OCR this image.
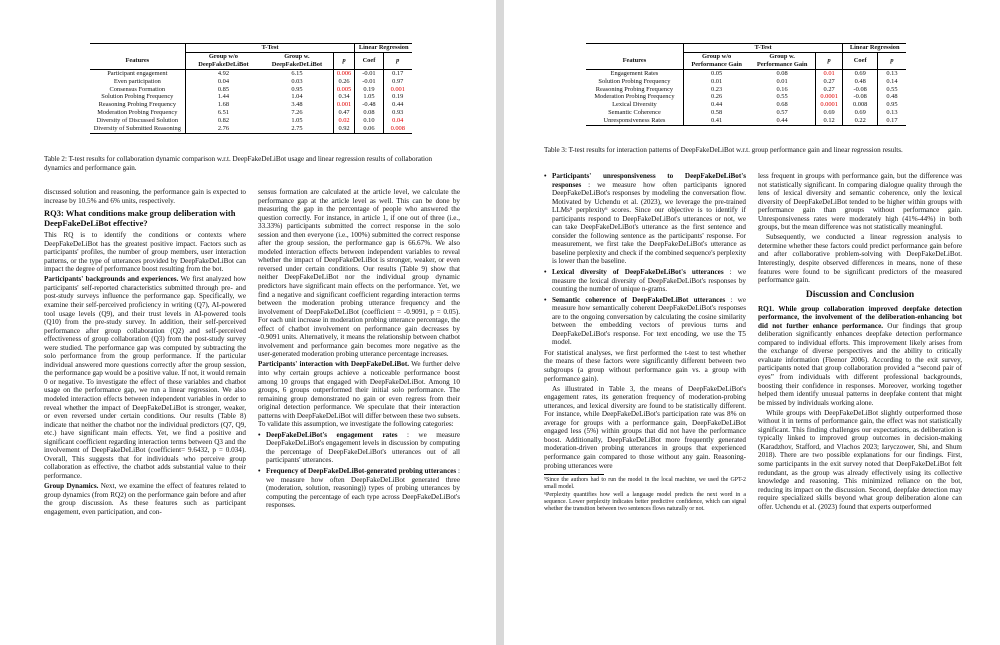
	T-Test			Linear Regression	
Features	Group w/o DeepFakeDeLiBot	Group w. DeepFakeDeLiBot	p	Coef	p
Participant engagement	4.92	6.15	0.006	-0.01	0.17
Even participation	0.04	0.03	0.26	-0.01	0.97
Consensus Formation	0.85	0.95	0.005	0.19	0.001
Solution Probing Frequency	1.44	1.04	0.34	1.05	0.19
Reasoning Probing Frequency	1.68	3.48	0.001	-0.48	0.44
Moderation Probing Frequency	6.51	7.26	0.47	0.08	0.93
Diversity of Discussed Solution	0.82	1.05	0.02	0.10	0.04
Diversity of Submitted Reasoning	2.76	2.75	0.92	0.06	0.008
Table 2: T-test results for collaboration dynamic comparison w.r.t. DeepFakeDeLiBot usage and linear regression results of collaboration dynamics and performance gain.

discussed solution and reasoning, the performance gain is expected to increase by 10.5% and 6% units, respectively.

RQ3: What conditions make group deliberation with DeepFakeDeLiBot effective?

This RQ is to identify the conditions or contexts where DeepFakeDeLiBot has the greatest positive impact. Factors such as participants' profiles, the number of group members, user interaction patterns, or the type of utterances provided by DeepFakeDeLiBot can impact the degree of performance boost resulting from the bot.

Participants' backgrounds and experiences. We first analyzed how participants' self-reported characteristics submitted through pre- and post-study surveys influence the performance gap. Specifically, we examine their self-perceived proficiency in writing (Q7), AI-powered tool usage levels (Q9), and their trust levels in AI-powered tools (Q10) from the pre-study survey. In addition, their self-perceived performance after group collaboration (Q2) and self-perceived effectiveness of group collaboration (Q3) from the post-study survey were studied. The performance gap was computed by subtracting the solo performance from the group performance. If the particular individual answered more questions correctly after the group session, the performance gap would be a positive value. If not, it would remain 0 or negative. To investigate the effect of these variables and chatbot usage on the performance gap, we run a linear regression. We also modeled interaction effects between independent variables in order to reveal whether the impact of DeepFakeDeLiBot is stronger, weaker, or even reversed under certain conditions. Our results (Table 8) indicate that neither the chatbot nor the individual predictors (Q7, Q9, etc.) have significant main effects. Yet, we find a positive and significant coefficient regarding interaction terms between Q3 and the involvement of DeepFakeDeLiBot (coefficient= 9.6432, p = 0.034). Overall, This suggests that for individuals who perceive group collaboration as effective, the chatbot adds substantial value to their performance.

Group Dynamics. Next, we examine the effect of features related to group dynamics (from RQ2) on the performance gain before and after the group discussion. As these features such as participant engagement, even participation, and con-

sensus formation are calculated at the article level, we calculate the performance gap at the article level as well. This can be done by measuring the gap in the percentage of people who answered the question correctly. For instance, in article 1, if one out of three (i.e., 33.33%) participants submitted the correct response in the solo session and then everyone (i.e., 100%) submitted the correct response after the group session, the performance gap is 66.67%. We also modeled interaction effects between independent variables to reveal whether the impact of DeepFakeDeLiBot is stronger, weaker, or even reversed under certain conditions. Our results (Table 9) show that neither DeepFakeDeLiBot nor the individual group dynamic predictors have significant main effects on the performance. Yet, we find a negative and significant coefficient regarding interaction terms between the moderation probing utterance frequency and the involvement of DeepFakeDeLiBot (coefficient = -0.9091, p = 0.05). For each unit increase in moderation probing utterance percentage, the effect of chatbot involvement on performance gain decreases by -0.9091 units. Alternatively, it means the relationship between chatbot involvement and performance gain becomes more negative as the user-generated moderation probing utterance percentage increases.

Participants' interaction with DeepFakeDeLiBot. We further delve into why certain groups achieve a noticeable performance boost among 10 groups that engaged with DeepFakeDeLiBot. Among 10 groups, 6 groups outperformed their initial solo performance. The remaining group demonstrated no gain or even regress from their original detection performance. We speculate that their interaction patterns with DeepFakeDeLiBot will differ between these two subsets. To validate this assumption, we investigate the following categories:

• DeepFakeDeLiBot's engagement rates : we measure DeepFakeDeLiBot's engagement levels in discussion by computing the percentage of DeepFakeDeLiBot's utterances out of all participants' utterances.
• Frequency of DeepFakeDeLiBot-generated probing utterances : we measure how often DeepFakeDeLiBot generated three (moderation, solution, reasoning)) types of probing utterances by computing the percentage of each type across DeepFakeDeLiBot's responses.
	T-Test			Linear Regression	
Features	Group w/o Performance Gain	Group w. Performance Gain	p	Coef	p
Engagement Rates	0.05	0.08	0.01	0.69	0.13
Solution Probing Frequency	0.01	0.01	0.27	0.48	0.14
Reasoning Probing Frequency	0.23	0.16	0.27	-0.08	0.55
Moderation Probing Frequency	0.26	0.55	0.0001	-0.08	0.48
Lexical Diversity	0.44	0.68	0.0001	0.008	0.95
Semantic Coherence	0.58	0.57	0.69	0.69	0.13
Unresponsiveness Rates	0.41	0.44	0.12	0.22	0.17
Table 3: T-test results for interaction patterns of DeepFakeDeLiBot w.r.t. group performance gain and linear regression results.
• Participants' unresponsiveness to DeepFakeDeLiBot's responses : we measure how often participants ignored DeepFakeDeLiBot's responses by modeling the conversation flow. Motivated by Uchendu et al. (2023), we leverage the pre-trained LLMs⁵ perplexity⁶ scores. Since our objective is to identify if participants respond to DeepFakeDeLiBot's utterances or not, we can take DeepFakeDeLiBot's utterance as the first sentence and consider the following sentence as the participants' response. For measurement, we first take the DeepFakeDeLiBot's utterance as baseline perplexity and check if the combined sequence's perplexity is lower than the baseline.
• Lexical diversity of DeepFakeDeLiBot's utterances : we measure the lexical diversity of DeepFakeDeLiBot's responses by counting the number of unique n-grams.
• Semantic coherence of DeepFakeDeLiBot utterances : we measure how semantically coherent DeepFakeDeLiBot's responses are to the ongoing conversation by calculating the cosine similarity between the embedding vectors of previous turns and DeepFakeDeLiBot's response. For text encoding, we use the T5 model.

For statistical analyses, we first performed the t-test to test whether the means of these factors were significantly different between two subgroups (a group without performance gain vs. a group with performance gain).

As illustrated in Table 3, the means of DeepFakeDeLiBot's engagement rates, its generation frequency of moderation-probing utterances, and lexical diversity are found to be statistically different. For instance, while DeepFakeDeLiBot's participation rate was 8% on average for groups with a performance gain, DeepFakeDeLiBot engaged less (5%) within groups that did not have the performance boost. Additionally, DeepFakeDeLiBot more frequently generated moderation-driven probing utterances in groups that experienced performance gain compared to those without any gain. Reasoning-probing utterances were

⁵Since the authors had to run the model in the local machine, we used the GPT-2 small model.

⁶Perplexity quantifies how well a language model predicts the next word in a sequence. Lower perplexity indicates better predictive confidence, which can signal whether the transition between two sentences flows naturally or not.

less frequent in groups with performance gain, but the difference was not statistically significant. In comparing dialogue quality through the lens of lexical diversity and semantic coherence, only the lexical diversity of DeepFakeDeLiBot tended to be higher within groups with performance gain than groups without performance gain. Unresponsiveness rates were moderately high (41%-44%) in both groups, but the mean difference was not statistically meaningful.

Subsequently, we conducted a linear regression analysis to determine whether these factors could predict performance gain before and after collaborative problem-solving with DeepFakeDeLiBot. Interestingly, despite observed differences in means, none of these features were found to be significant predictors of the measured performance gain.

Discussion and Conclusion

RQ1. While group collaboration improved deepfake detection performance, the involvement of the deliberation-enhancing bot did not further enhance performance. Our findings that group deliberation significantly enhances deepfake detection performance compared to individual efforts. This improvement likely arises from the exchange of diverse perspectives and the ability to critically evaluate information (Fleenor 2006). According to the exit survey, participants noted that group collaboration provided a “second pair of eyes” from individuals with different professional backgrounds, boosting their confidence in responses. Moreover, working together helped them identify unusual patterns in deepfake content that might be missed by individuals working alone.

While groups with DeepFakeDeLiBot slightly outperformed those without it in terms of performance gain, the effect was not statistically significant. This finding challenges our expectations, as deliberation is typically linked to improved group outcomes in decision-making (Karadzhov, Stafford, and Vlachos 2023; Iaryczower, Shi, and Shum 2018). There are two possible explanations for our findings. First, some participants in the exit survey noted that DeepFakeDeLiBot felt redundant, as the group was already effectively using its collective knowledge and reasoning. This minimized reliance on the bot, reducing its impact on the discussion. Second, deepfake detection may require specialized skills beyond what group deliberation alone can offer. Uchendu et al. (2023) found that experts outperformed
